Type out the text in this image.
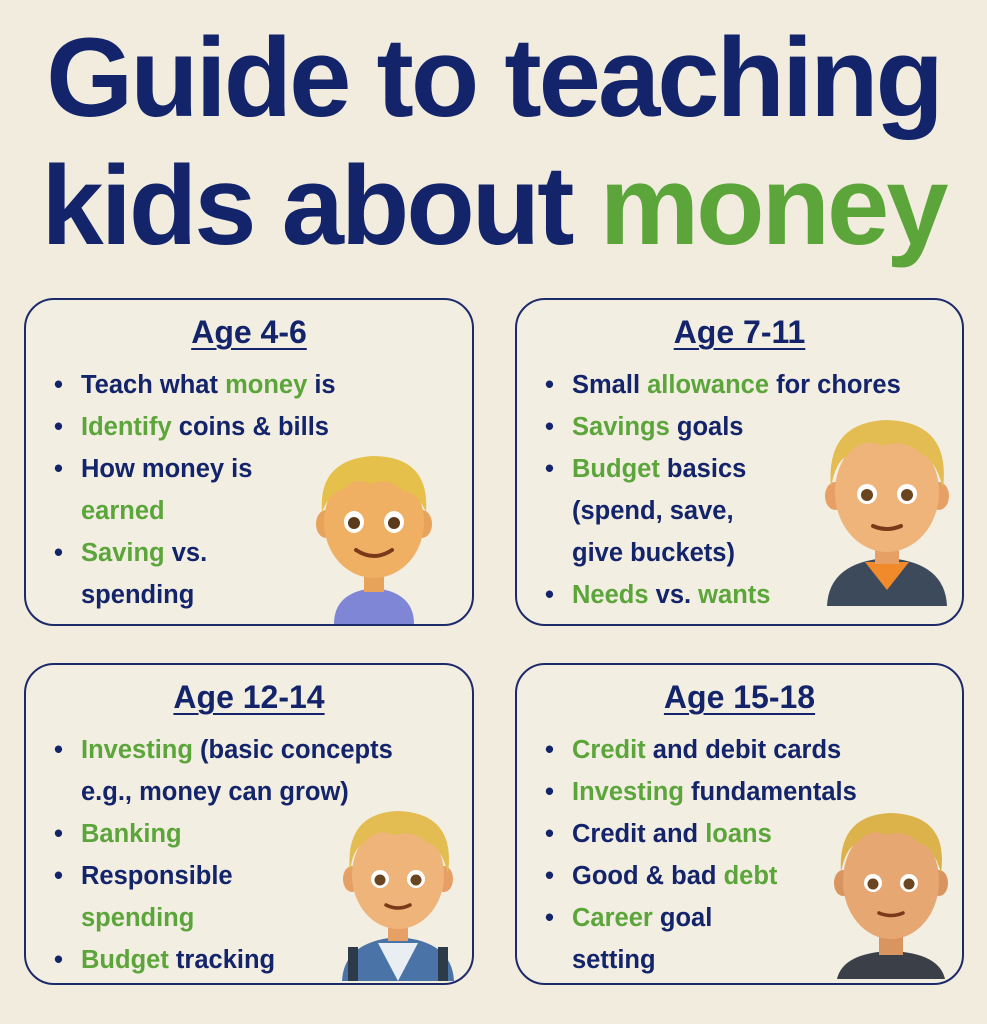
Guide to teaching
kids about money
Age 4-6
• Teach what money is
• Identify coins & bills
• How money is
earned
• Saving vs.
spending
Age 7-11
• Small allowance for chores
• Savings goals
• Budget basics
(spend, save,
give buckets)
• Needs vs. wants
Age 12-14
• Investing (basic concepts
e.g., money can grow)
• Banking
• Responsible
spending
• Budget tracking
Age 15-18
• Credit and debit cards
• Investing fundamentals
• Credit and loans
• Good & bad debt
• Career goal
setting
